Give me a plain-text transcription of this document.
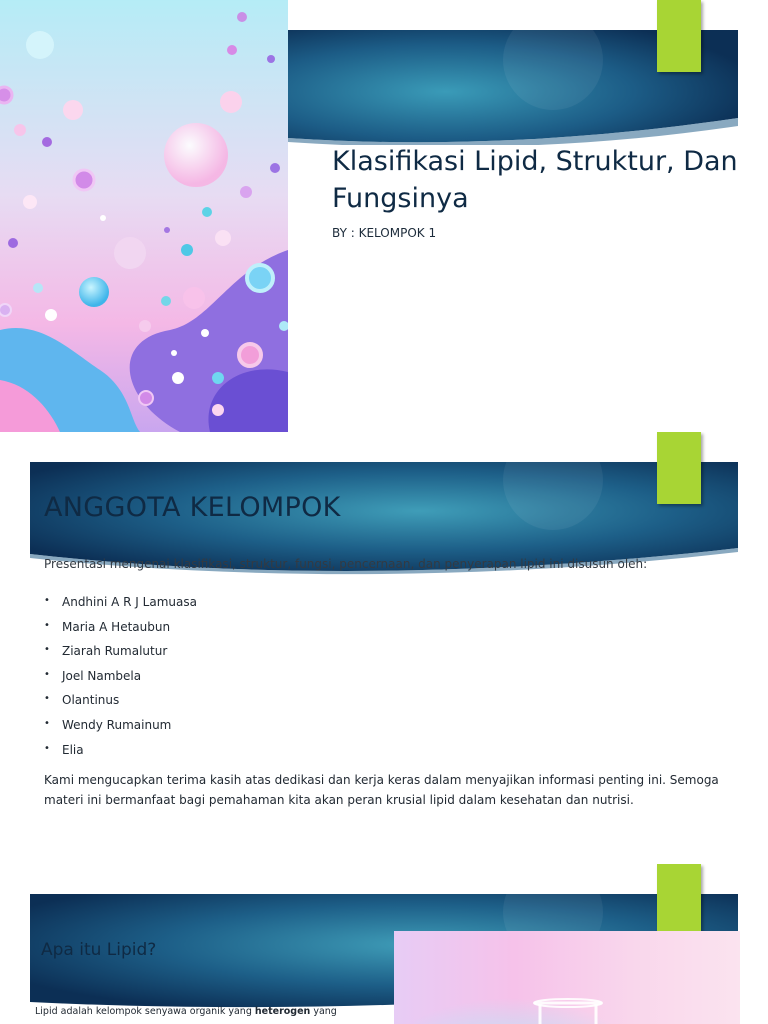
Klasifikasi Lipid, Struktur, Dan Fungsinya
BY : KELOMPOK 1
ANGGOTA KELOMPOK

Presentasi mengenai klasifikasi, struktur, fungsi, pencernaan, dan penyerapan lipid ini disusun oleh:

• Andhini A R J Lamuasa
• Maria A Hetaubun
• Ziarah Rumalutur
• Joel Nambela
• Olantinus
• Wendy Rumainum
• Elia

Kami mengucapkan terima kasih atas dedikasi dan kerja keras dalam menyajikan informasi penting ini. Semoga materi ini bermanfaat bagi pemahaman kita akan peran krusial lipid dalam kesehatan dan nutrisi.

Apa itu Lipid?

Lipid adalah kelompok senyawa organik yang heterogen yang
